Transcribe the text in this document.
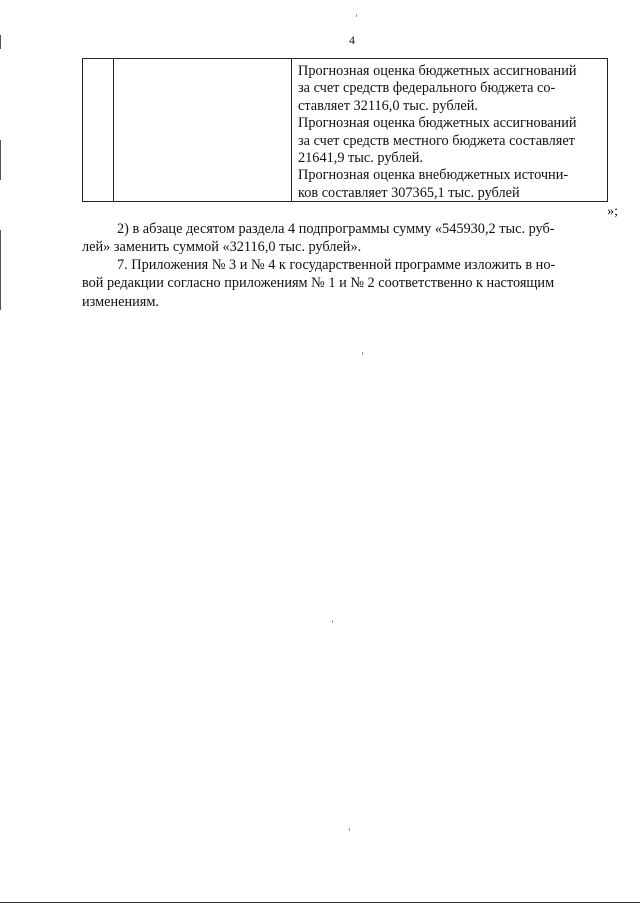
4
Прогнозная оценка бюджетных ассигнований
за счет средств федерального бюджета со-
ставляет 32116,0 тыс. рублей.
Прогнозная оценка бюджетных ассигнований
за счет средств местного бюджета составляет
21641,9 тыс. рублей.
Прогнозная оценка внебюджетных источни-
ков составляет 307365,1 тыс. рублей
»;
2) в абзаце десятом раздела 4 подпрограммы сумму «545930,2 тыс. руб-
лей» заменить суммой «32116,0 тыс. рублей».
7. Приложения № 3 и № 4 к государственной программе изложить в но-
вой редакции согласно приложениям № 1 и № 2 соответственно к настоящим
изменениям.
